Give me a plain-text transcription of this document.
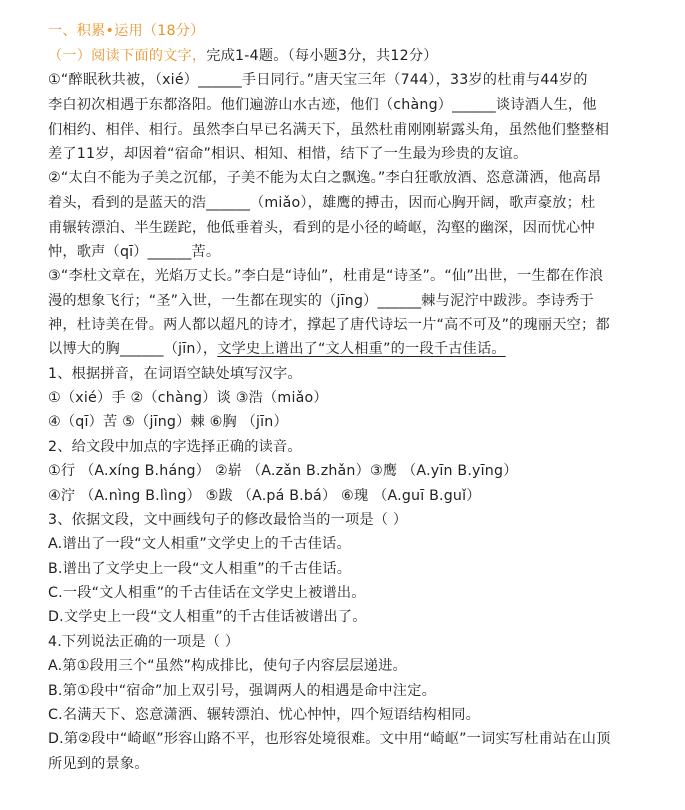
一、积累•运用（18分）
（一）阅读下面的文字，完成1-4题。（每小题3分，共12分）
①“醉眠秋共被，（xié）______手日同行。”唐天宝三年（744），33岁的杜甫与44岁的
李白初次相遇于东都洛阳。他们遍游山水古迹，他们（chàng）______谈诗酒人生，他
们相约、相伴、相行。虽然李白早已名满天下，虽然杜甫刚刚崭露头角，虽然他们整整相
差了11岁，却因着“宿命”相识、相知、相惜，结下了一生最为珍贵的友谊。
②“太白不能为子美之沉郁，子美不能为太白之飘逸。”李白狂歌放酒、恣意潇洒，他高昂
着头，看到的是蓝天的浩______（miǎo），雄鹰的搏击，因而心胸开阔，歌声豪放；杜
甫辗转漂泊、半生蹉跎，他低垂着头，看到的是小径的崎岖，沟壑的幽深，因而忧心忡
忡，歌声（qī）______苦。
③“李杜文章在，光焰万丈长。”李白是“诗仙”，杜甫是“诗圣”。“仙”出世，一生都在作浪
漫的想象飞行；“圣”入世，一生都在现实的（jīng）______棘与泥泞中跋涉。李诗秀于
神，杜诗美在骨。两人都以超凡的诗才，撑起了唐代诗坛一片“高不可及”的瑰丽天空；都
以博大的胸______（jīn），文学史上谱出了“文人相重”的一段千古佳话。
1、根据拼音，在词语空缺处填写汉字。
①（xié）手 ②（chàng）谈 ③浩（miǎo）
④（qī）苦 ⑤（jīng）棘 ⑥胸 （jīn）
2、给文段中加点的字选择正确的读音。
①行 （A.xíng B.háng） ②崭 （A.zǎn B.zhǎn）③鹰 （A.yīn B.yīng）
④泞 （A.nìng B.lìng） ⑤跋 （A.pá B.bá） ⑥瑰 （A.guī B.guǐ）
3、依据文段，文中画线句子的修改最恰当的一项是（ ）
A.谱出了一段“文人相重”文学史上的千古佳话。
B.谱出了文学史上一段“文人相重”的千古佳话。
C.一段“文人相重”的千古佳话在文学史上被谱出。
D.文学史上一段“文人相重”的千古佳话被谱出了。
4.下列说法正确的一项是（ ）
A.第①段用三个“虽然”构成排比，使句子内容层层递进。
B.第①段中“宿命”加上双引号，强调两人的相遇是命中注定。
C.名满天下、恣意潇洒、辗转漂泊、忧心忡忡，四个短语结构相同。
D.第②段中“崎岖”形容山路不平，也形容处境很难。文中用“崎岖”一词实写杜甫站在山顶
所见到的景象。
